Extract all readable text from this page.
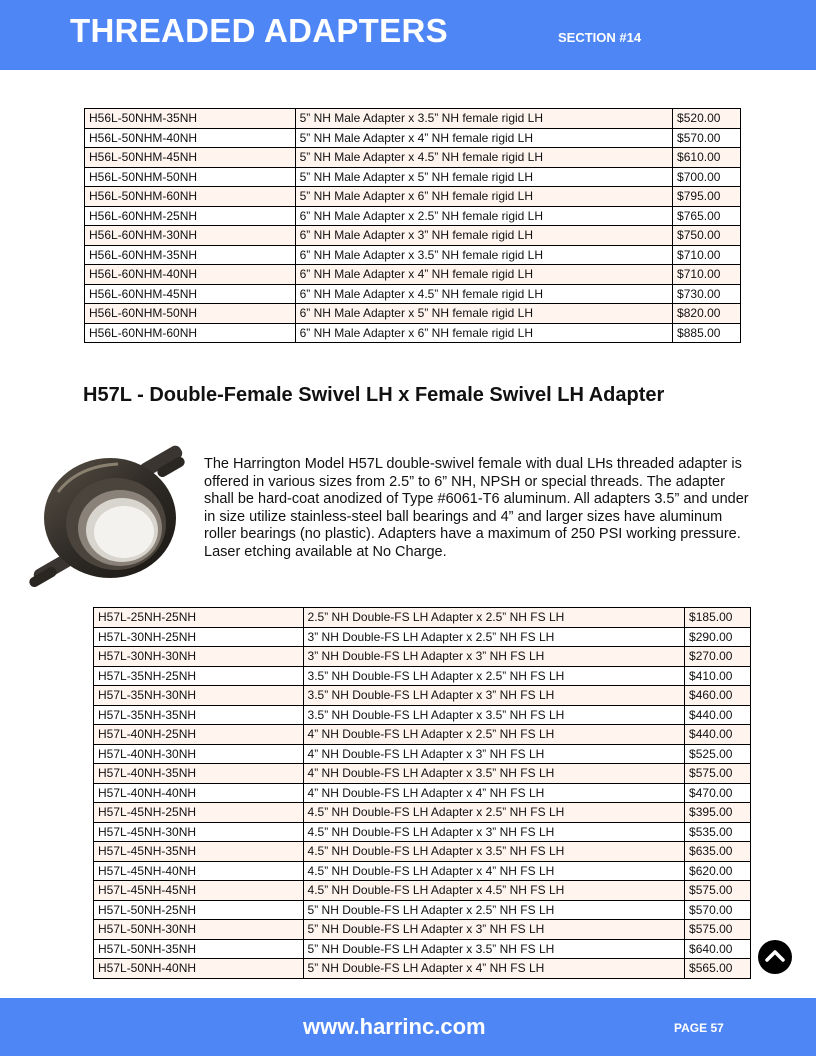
THREADED ADAPTERS	SECTION #14
H56L-50NHM-35NH	5” NH Male Adapter x 3.5” NH female rigid LH	$520.00
H56L-50NHM-40NH	5” NH Male Adapter x 4” NH female rigid LH	$570.00
H56L-50NHM-45NH	5” NH Male Adapter x 4.5” NH female rigid LH	$610.00
H56L-50NHM-50NH	5” NH Male Adapter x 5” NH female rigid LH	$700.00
H56L-50NHM-60NH	5” NH Male Adapter x 6” NH female rigid LH	$795.00
H56L-60NHM-25NH	6” NH Male Adapter x 2.5” NH female rigid LH	$765.00
H56L-60NHM-30NH	6” NH Male Adapter x 3” NH female rigid LH	$750.00
H56L-60NHM-35NH	6” NH Male Adapter x 3.5” NH female rigid LH	$710.00
H56L-60NHM-40NH	6” NH Male Adapter x 4” NH female rigid LH	$710.00
H56L-60NHM-45NH	6” NH Male Adapter x 4.5” NH female rigid LH	$730.00
H56L-60NHM-50NH	6” NH Male Adapter x 5” NH female rigid LH	$820.00
H56L-60NHM-60NH	6” NH Male Adapter x 6” NH female rigid LH	$885.00
H57L - Double-Female Swivel LH x Female Swivel LH Adapter
The Harrington Model H57L double-swivel female with dual LHs threaded adapter is offered in various sizes from 2.5” to 6” NH, NPSH or special threads. The adapter shall be hard-coat anodized of Type #6061-T6 aluminum. All adapters 3.5” and under in size utilize stainless-steel ball bearings and 4” and larger sizes have aluminum roller bearings (no plastic). Adapters have a maximum of 250 PSI working pressure. Laser etching available at No Charge.
H57L-25NH-25NH	2.5” NH Double-FS LH Adapter x 2.5” NH FS LH	$185.00
H57L-30NH-25NH	3” NH Double-FS LH Adapter x 2.5” NH FS LH	$290.00
H57L-30NH-30NH	3” NH Double-FS LH Adapter x 3” NH FS LH	$270.00
H57L-35NH-25NH	3.5” NH Double-FS LH Adapter x 2.5” NH FS LH	$410.00
H57L-35NH-30NH	3.5” NH Double-FS LH Adapter x 3” NH FS LH	$460.00
H57L-35NH-35NH	3.5” NH Double-FS LH Adapter x 3.5” NH FS LH	$440.00
H57L-40NH-25NH	4” NH Double-FS LH Adapter x 2.5” NH FS LH	$440.00
H57L-40NH-30NH	4” NH Double-FS LH Adapter x 3” NH FS LH	$525.00
H57L-40NH-35NH	4” NH Double-FS LH Adapter x 3.5” NH FS LH	$575.00
H57L-40NH-40NH	4” NH Double-FS LH Adapter x 4” NH FS LH	$470.00
H57L-45NH-25NH	4.5” NH Double-FS LH Adapter x 2.5” NH FS LH	$395.00
H57L-45NH-30NH	4.5” NH Double-FS LH Adapter x 3” NH FS LH	$535.00
H57L-45NH-35NH	4.5” NH Double-FS LH Adapter x 3.5” NH FS LH	$635.00
H57L-45NH-40NH	4.5” NH Double-FS LH Adapter x 4” NH FS LH	$620.00
H57L-45NH-45NH	4.5” NH Double-FS LH Adapter x 4.5” NH FS LH	$575.00
H57L-50NH-25NH	5” NH Double-FS LH Adapter x 2.5” NH FS LH	$570.00
H57L-50NH-30NH	5” NH Double-FS LH Adapter x 3” NH FS LH	$575.00
H57L-50NH-35NH	5” NH Double-FS LH Adapter x 3.5” NH FS LH	$640.00
H57L-50NH-40NH	5” NH Double-FS LH Adapter x 4” NH FS LH	$565.00
www.harrinc.com	PAGE 57
